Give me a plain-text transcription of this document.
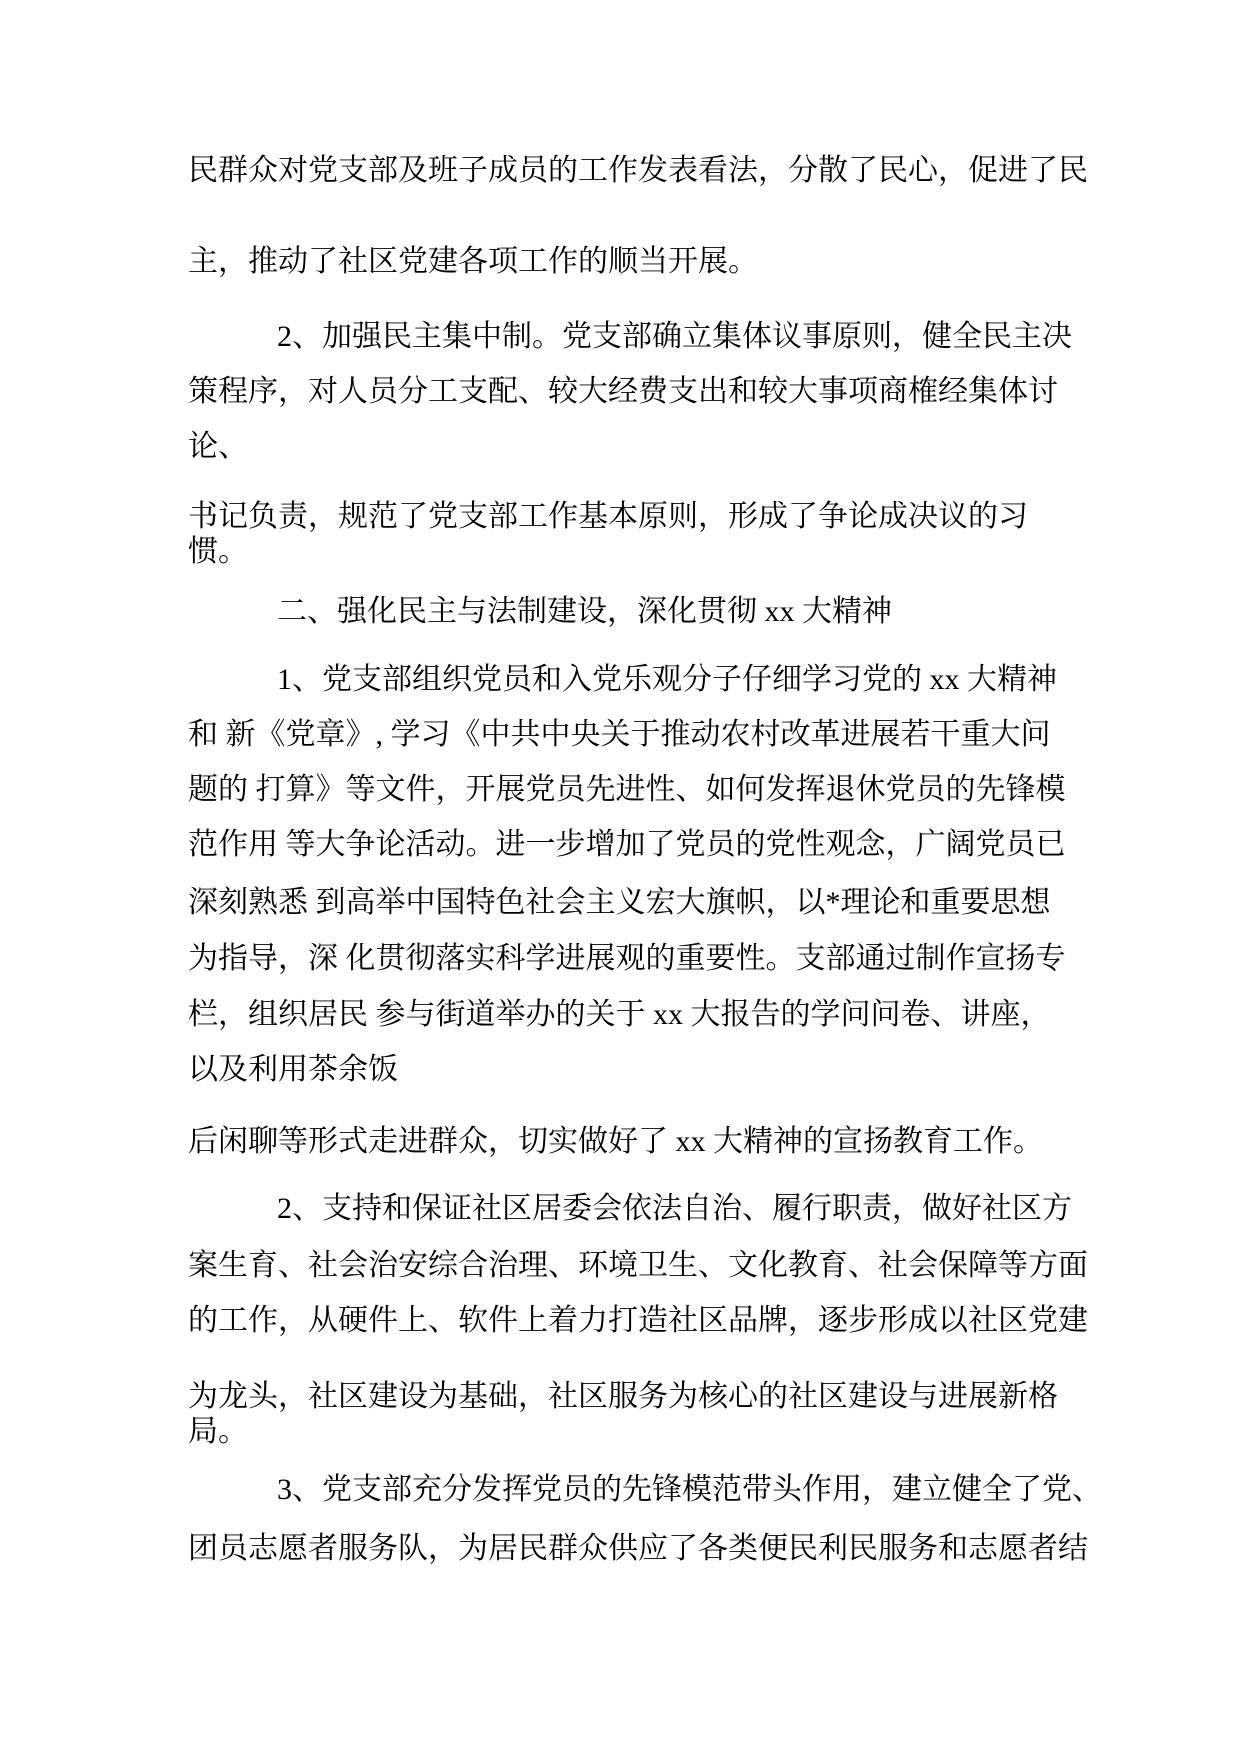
民群众对党支部及班子成员的工作发表看法，分散了民心，促进了民
主，推动了社区党建各项工作的顺当开展。
2、加强民主集中制。党支部确立集体议事原则，健全民主决
策程序，对人员分工支配、较大经费支出和较大事项商榷经集体讨
论、
书记负责，规范了党支部工作基本原则，形成了争论成决议的习
惯。
二、强化民主与法制建设，深化贯彻 xx 大精神
1、党支部组织党员和入党乐观分子仔细学习党的 xx 大精神
和 新《党章》, 学习《中共中央关于推动农村改革进展若干重大问
题的 打算》等文件，开展党员先进性、如何发挥退休党员的先锋模
范作用 等大争论活动。进一步增加了党员的党性观念，广阔党员已
深刻熟悉 到高举中国特色社会主义宏大旗帜，以*理论和重要思想
为指导，深 化贯彻落实科学进展观的重要性。支部通过制作宣扬专
栏，组织居民 参与街道举办的关于 xx 大报告的学问问卷、讲座，
以及利用茶余饭
后闲聊等形式走进群众，切实做好了 xx 大精神的宣扬教育工作。
2、支持和保证社区居委会依法自治、履行职责，做好社区方
案生育、社会治安综合治理、环境卫生、文化教育、社会保障等方面
的工作，从硬件上、软件上着力打造社区品牌，逐步形成以社区党建
为龙头，社区建设为基础，社区服务为核心的社区建设与进展新格
局。
3、党支部充分发挥党员的先锋模范带头作用，建立健全了党、
团员志愿者服务队，为居民群众供应了各类便民利民服务和志愿者结
